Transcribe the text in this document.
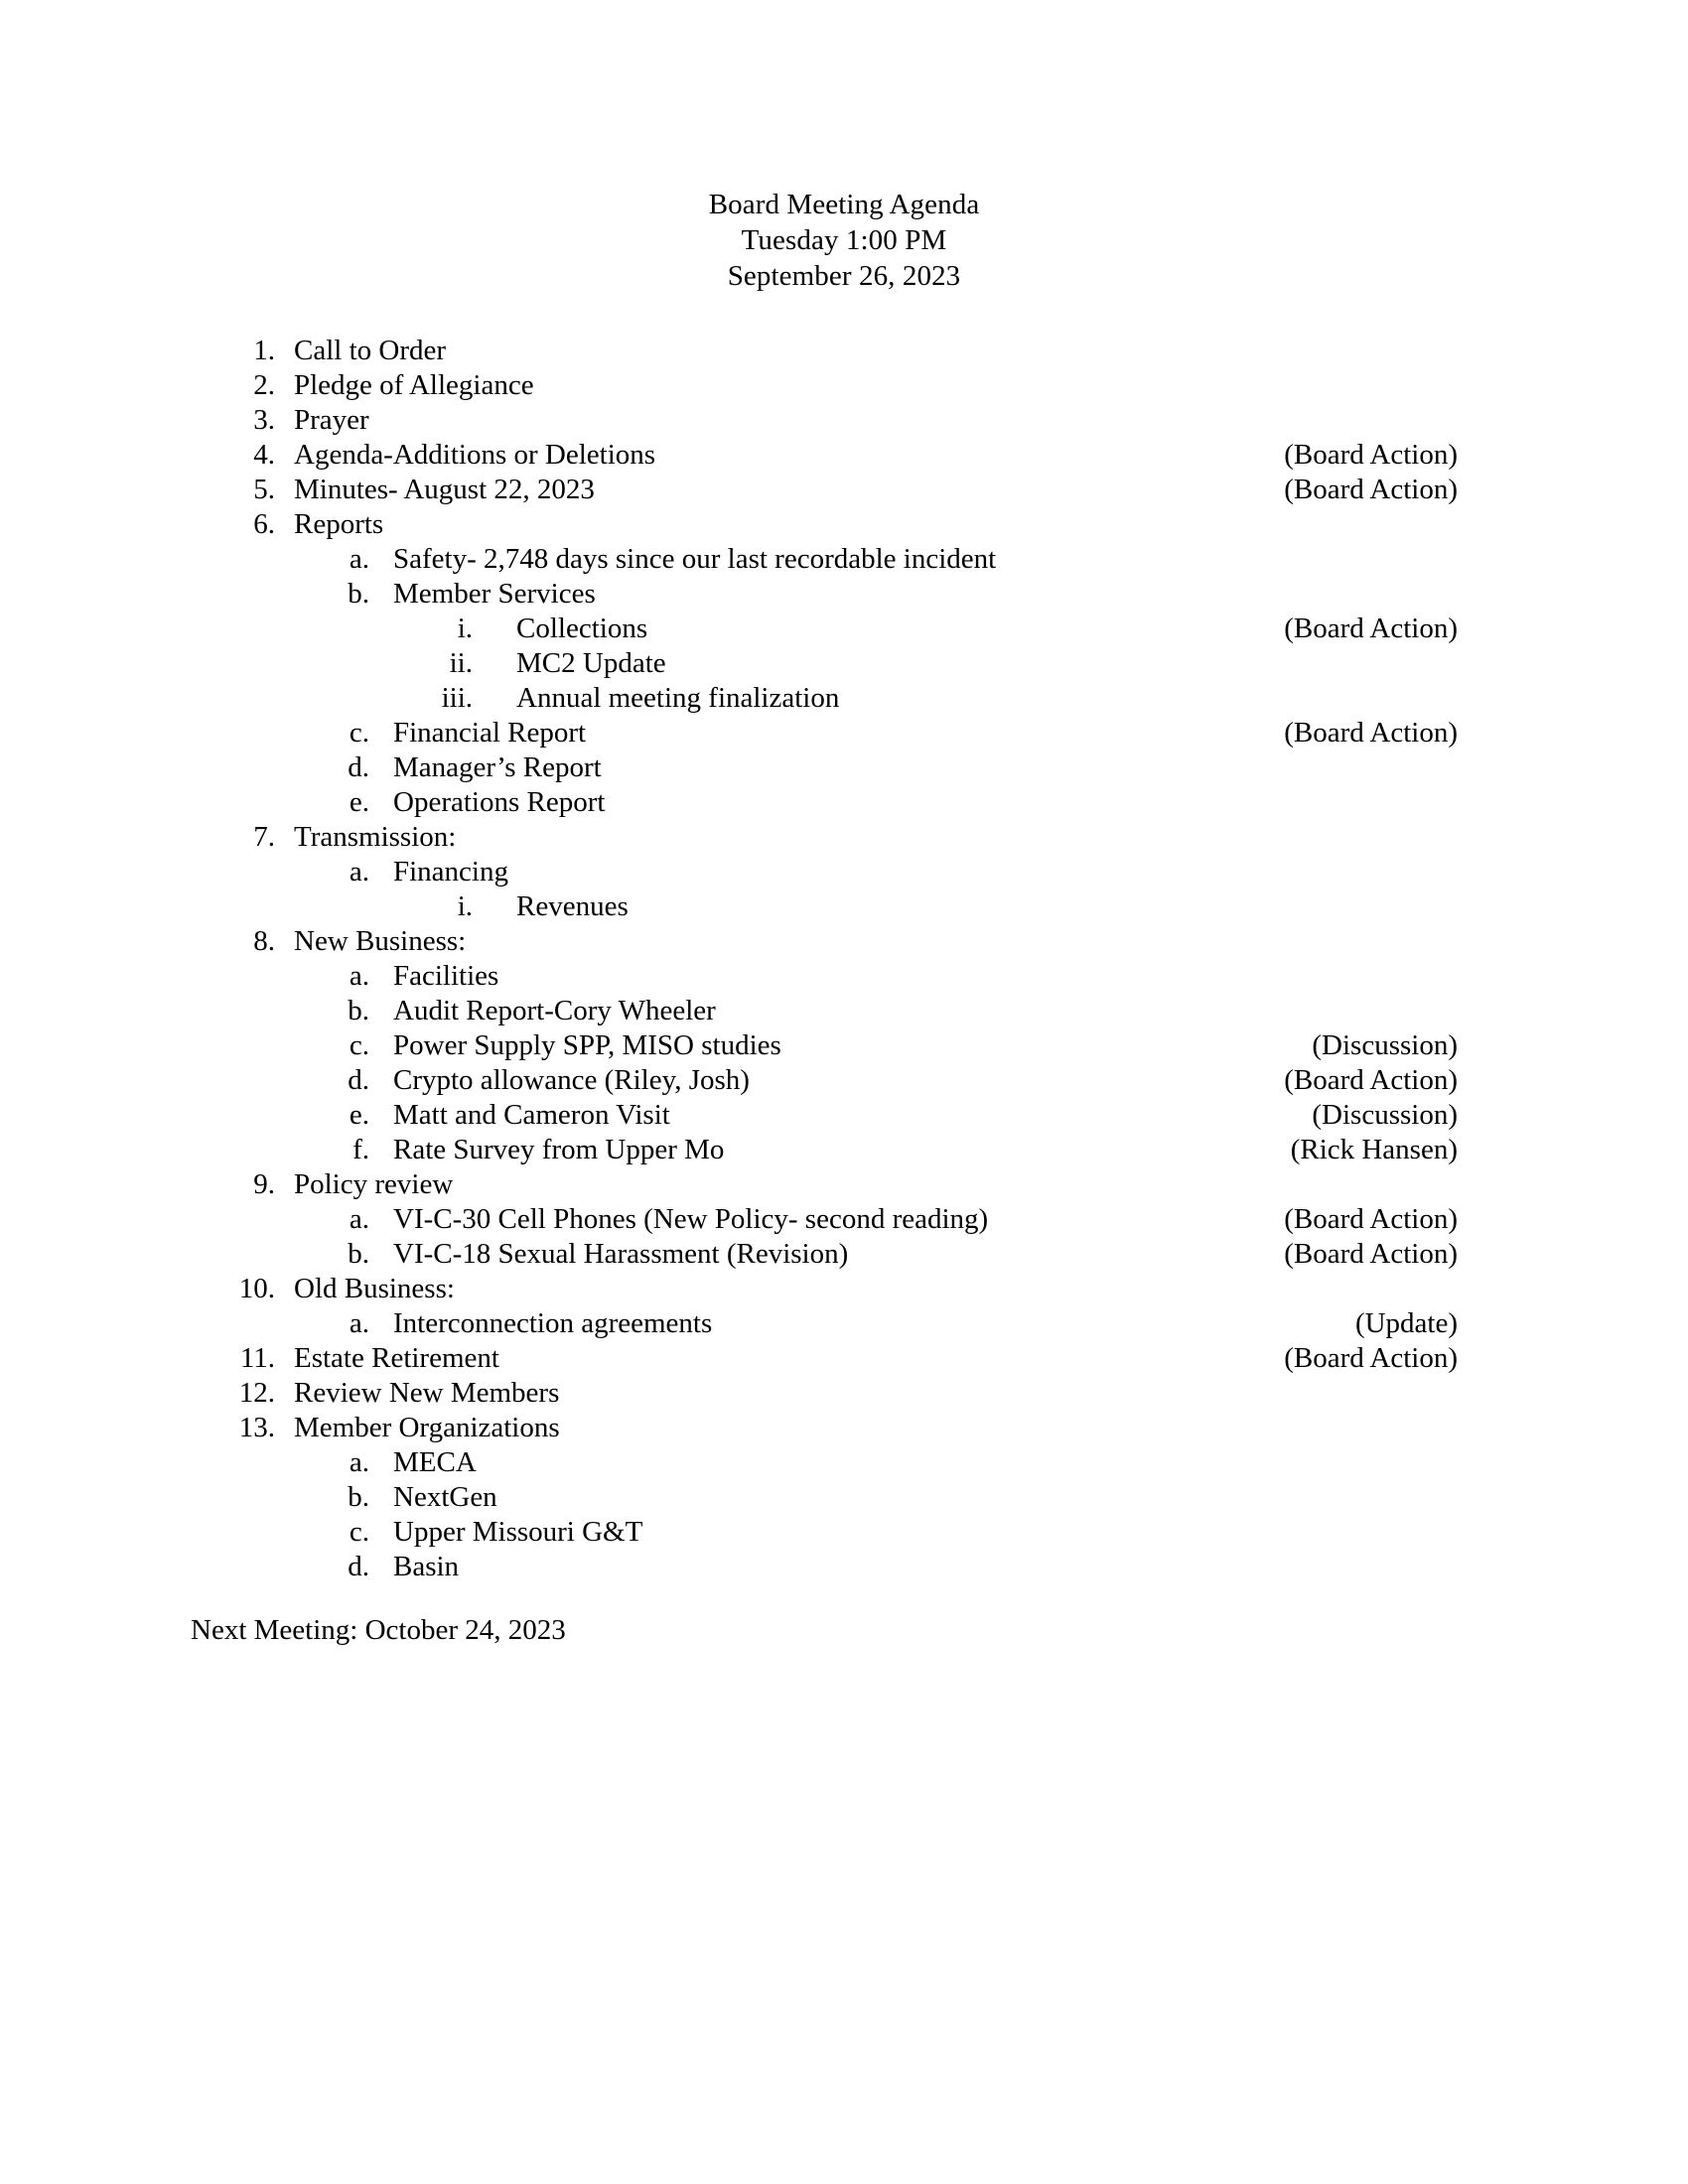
Board Meeting Agenda
Tuesday 1:00 PM
September 26, 2023
1. Call to Order
2. Pledge of Allegiance
3. Prayer
4. Agenda-Additions or Deletions	(Board Action)
5. Minutes- August 22, 2023	(Board Action)
6. Reports
a. Safety- 2,748 days since our last recordable incident
b. Member Services
i. Collections	(Board Action)
ii. MC2 Update
iii. Annual meeting finalization
c. Financial Report	(Board Action)
d. Manager’s Report
e. Operations Report
7. Transmission:
a. Financing
i. Revenues
8. New Business:
a. Facilities
b. Audit Report-Cory Wheeler
c. Power Supply SPP, MISO studies	(Discussion)
d. Crypto allowance (Riley, Josh)	(Board Action)
e. Matt and Cameron Visit	(Discussion)
f. Rate Survey from Upper Mo	(Rick Hansen)
9. Policy review
a. VI-C-30 Cell Phones (New Policy- second reading)	(Board Action)
b. VI-C-18 Sexual Harassment (Revision)	(Board Action)
10. Old Business:
a. Interconnection agreements	(Update)
11. Estate Retirement	(Board Action)
12. Review New Members
13. Member Organizations
a. MECA
b. NextGen
c. Upper Missouri G&T
d. Basin
Next Meeting: October 24, 2023
